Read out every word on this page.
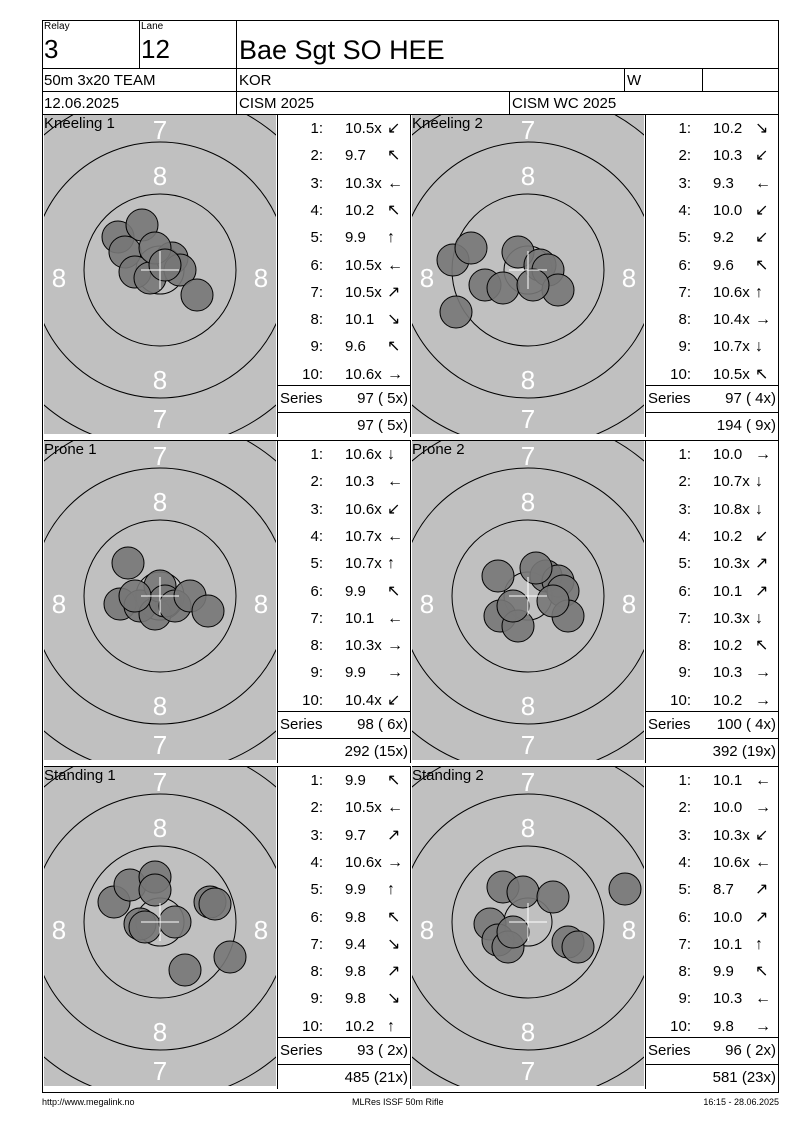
Relay
3
Lane
12	Bae Sgt SO HEE
50m 3x20 TEAM	KOR	W
12.06.2025	CISM 2025	CISM WC 2025
7
7
8
8
8	8
Kneeling 1	1: 10.5x ↙
2: 9.7 ↖
3: 10.3x ←
4: 10.2 ↖
5: 9.9 ↑
6: 10.5x ←
7: 10.5x ↗
8: 10.1 ↘
9: 9.6 ↖
10: 10.6x →
Series	97 ( 5x)
97 ( 5x)
7
7
8
8
8	8
Kneeling 2	1: 10.2 ↘
2: 10.3 ↙
3: 9.3 ←
4: 10.0 ↙
5: 9.2 ↙
6: 9.6 ↖
7: 10.6x ↑
8: 10.4x →
9: 10.7x ↓
10: 10.5x ↖
Series	97 ( 4x)
194 ( 9x)
7
7
8
8
8	8
Prone 1	1: 10.6x ↓
2: 10.3 ←
3: 10.6x ↙
4: 10.7x ←
5: 10.7x ↑
6: 9.9 ↖
7: 10.1 ←
8: 10.3x →
9: 9.9 →
10: 10.4x ↙
Series	98 ( 6x)
292 (15x)
7
7
8
8
8	8
Prone 2	1: 10.0 →
2: 10.7x ↓
3: 10.8x ↓
4: 10.2 ↙
5: 10.3x ↗
6: 10.1 ↗
7: 10.3x ↓
8: 10.2 ↖
9: 10.3 →
10: 10.2 →
Series	100 ( 4x)
392 (19x)
7
7
8
8
8	8
Standing 1	1: 9.9 ↖
2: 10.5x ←
3: 9.7 ↗
4: 10.6x →
5: 9.9 ↑
6: 9.8 ↖
7: 9.4 ↘
8: 9.8 ↗
9: 9.8 ↘
10: 10.2 ↑
Series	93 ( 2x)
485 (21x)
7
7
8
8
8	8
Standing 2	1: 10.1 ←
2: 10.0 →
3: 10.3x ↙
4: 10.6x ←
5: 8.7 ↗
6: 10.0 ↗
7: 10.1 ↑
8: 9.9 ↖
9: 10.3 ←
10: 9.8 →
Series	96 ( 2x)
581 (23x)
http://www.megalink.no	MLRes ISSF 50m Rifle	16:15 - 28.06.2025
